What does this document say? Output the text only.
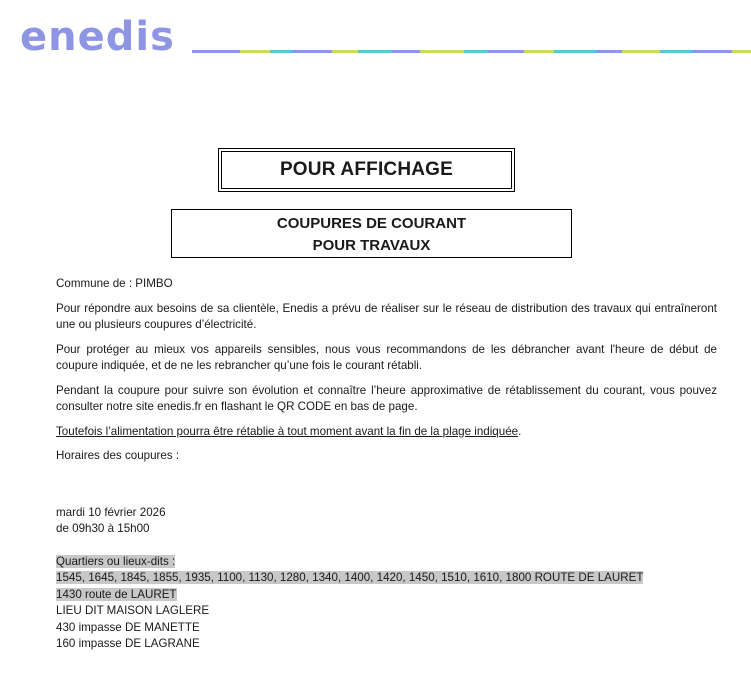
enedis
POUR AFFICHAGE
COUPURES DE COURANT
POUR TRAVAUX

Commune de : PIMBO

Pour répondre aux besoins de sa clientèle, Enedis a prévu de réaliser sur le réseau de distribution des travaux qui entraîneront une ou plusieurs coupures d’électricité.

Pour protéger au mieux vos appareils sensibles, nous vous recommandons de les débrancher avant l'heure de début de coupure indiquée, et de ne les rebrancher qu’une fois le courant rétabli.

Pendant la coupure pour suivre son évolution et connaître l’heure approximative de rétablissement du courant, vous pouvez consulter notre site enedis.fr en flashant le QR CODE en bas de page.

Toutefois l’alimentation pourra être rétablie à tout moment avant la fin de la plage indiquée.

Horaires des coupures :

mardi 10 février 2026
de 09h30 à 15h00
Quartiers ou lieux-dits :
1545, 1645, 1845, 1855, 1935, 1100, 1130, 1280, 1340, 1400, 1420, 1450, 1510, 1610, 1800 ROUTE DE LAURET
1430 route de LAURET
LIEU DIT MAISON LAGLERE
430 impasse DE MANETTE
160 impasse DE LAGRANE
